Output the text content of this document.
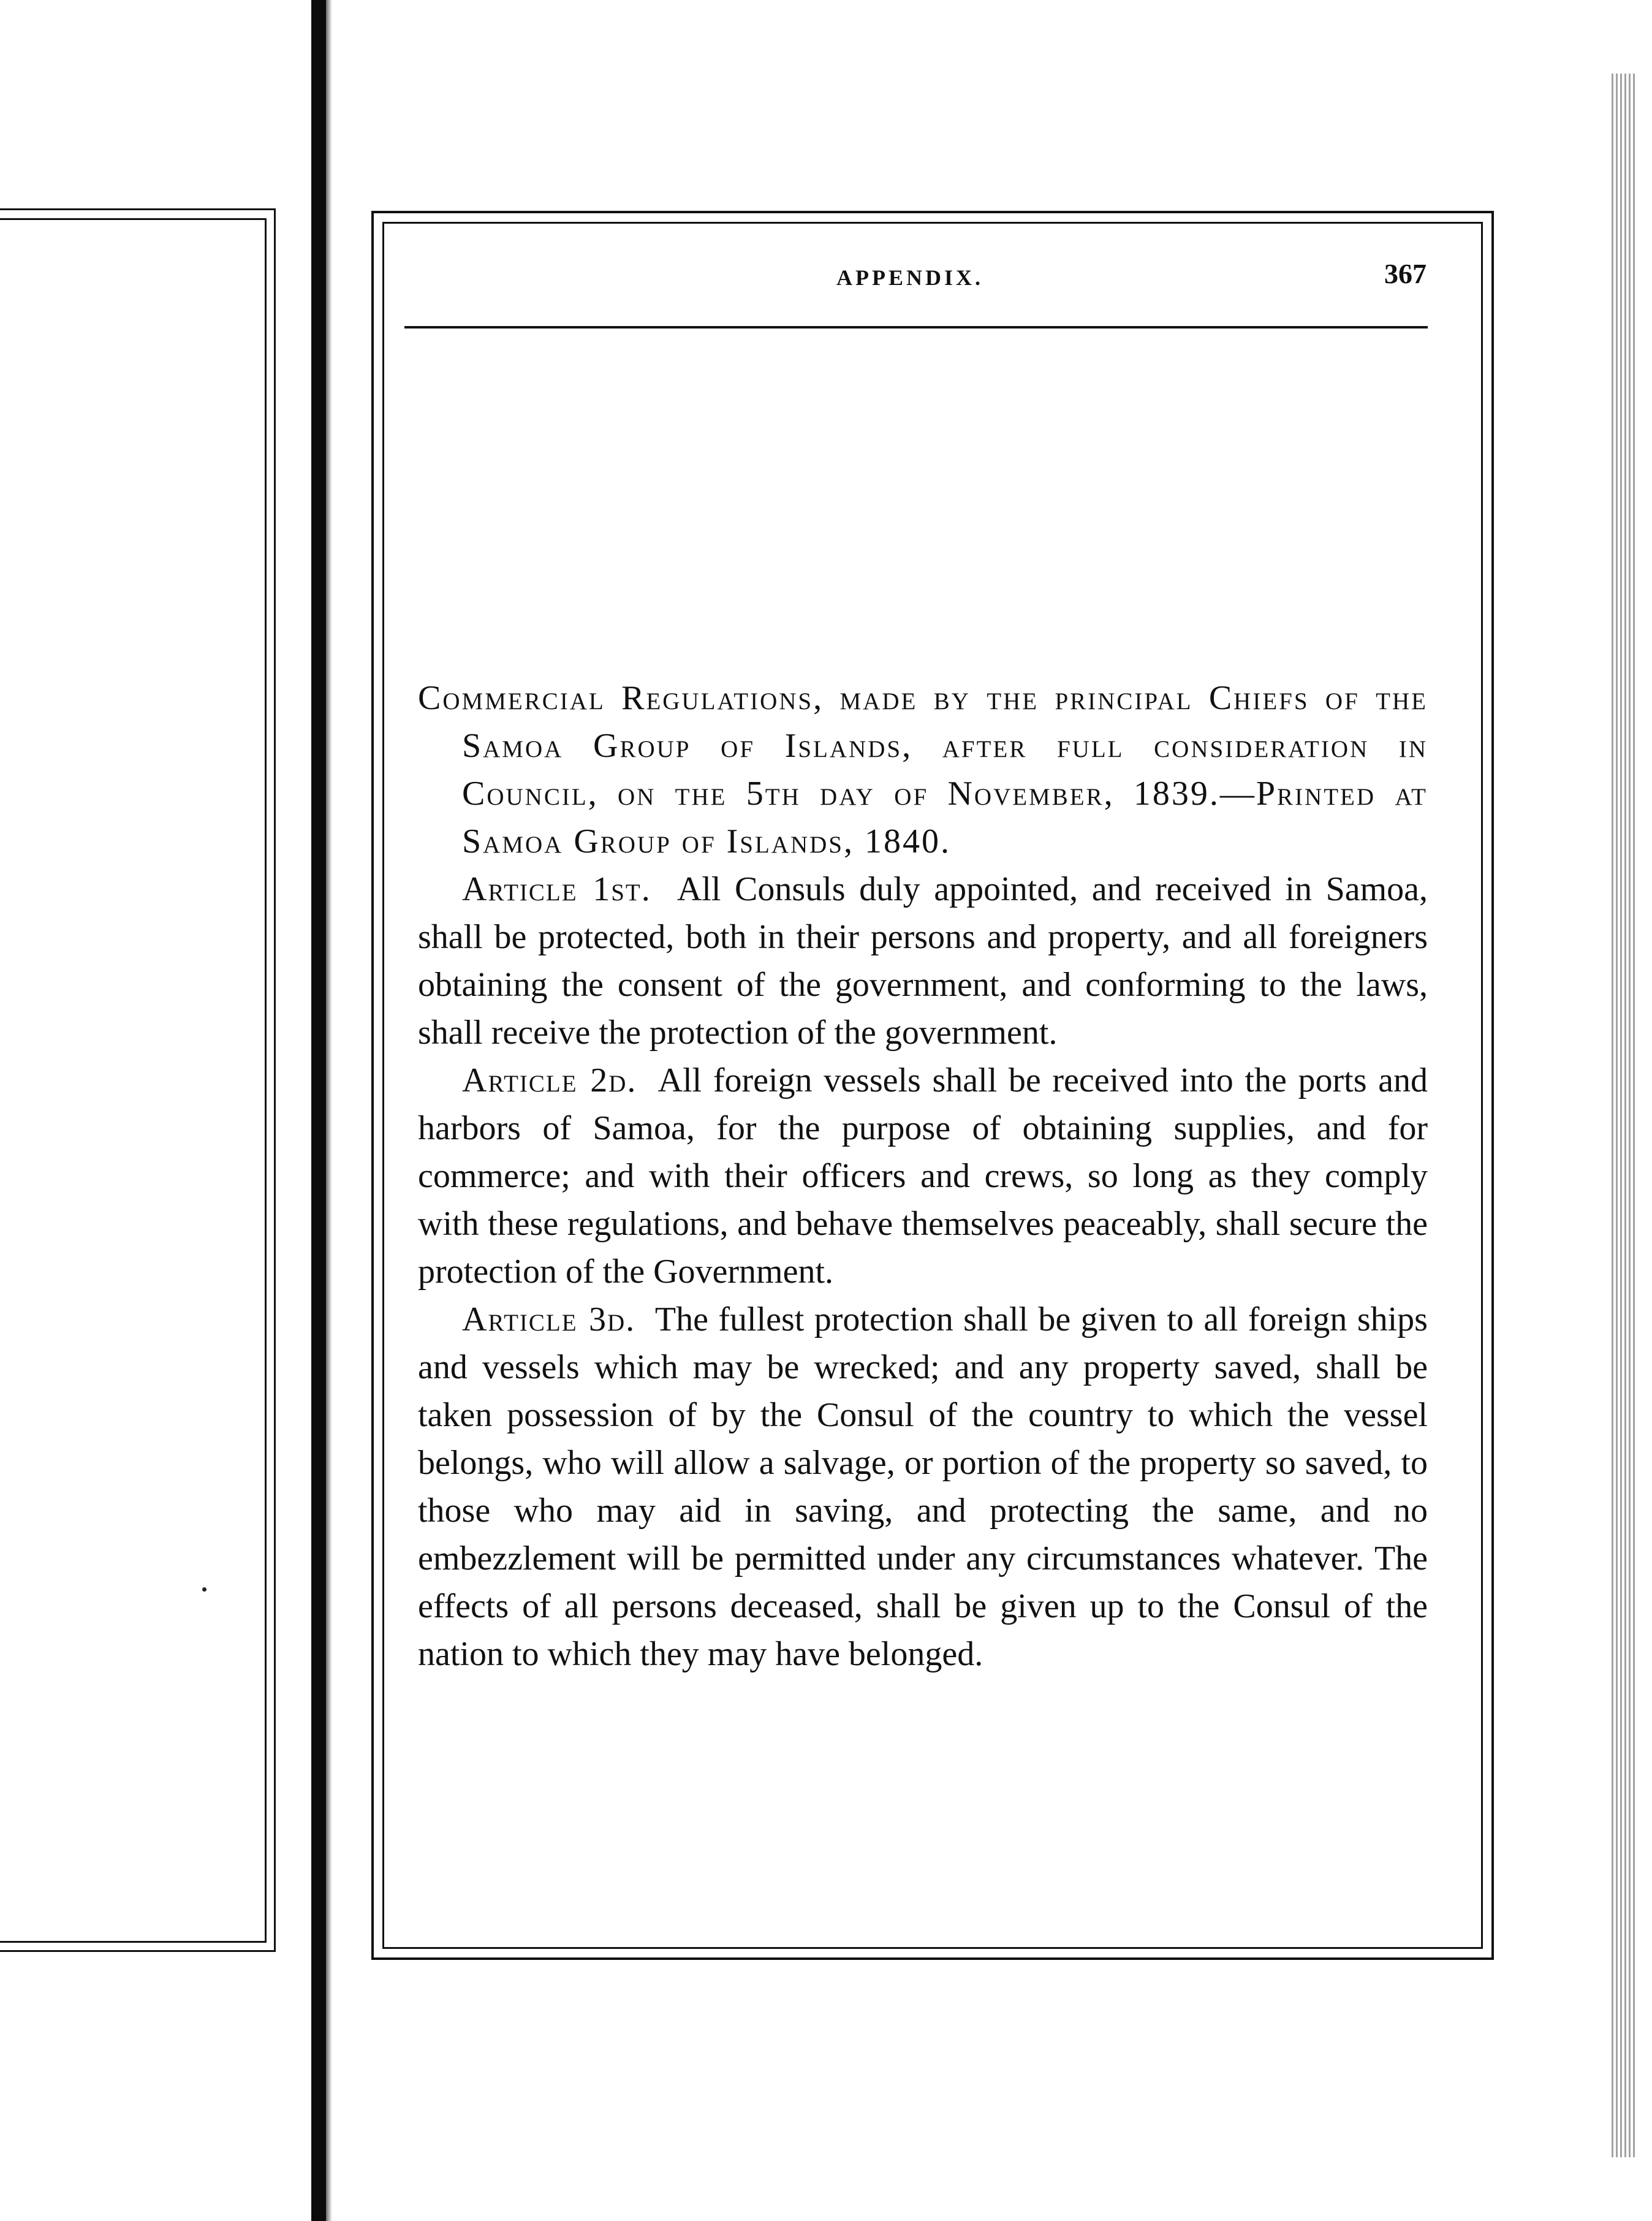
APPENDIX.	367

Commercial Regulations, made by the principal Chiefs of the Samoa Group of Islands, after full consideration in Council, on the 5th day of November, 1839.—Printed at Samoa Group of Islands, 1840.

Article 1st. All Consuls duly appointed, and received in Samoa, shall be protected, both in their persons and property, and all foreigners obtaining the consent of the government, and conforming to the laws, shall receive the protection of the government.

Article 2d. All foreign vessels shall be received into the ports and harbors of Samoa, for the purpose of obtaining supplies, and for commerce; and with their officers and crews, so long as they comply with these regulations, and behave themselves peaceably, shall secure the protection of the Government.

Article 3d. The fullest protection shall be given to all foreign ships and vessels which may be wrecked; and any property saved, shall be taken possession of by the Consul of the country to which the vessel belongs, who will allow a salvage, or portion of the property so saved, to those who may aid in saving, and protecting the same, and no embezzlement will be permitted under any circumstances whatever. The effects of all persons deceased, shall be given up to the Consul of the nation to which they may have belonged.
